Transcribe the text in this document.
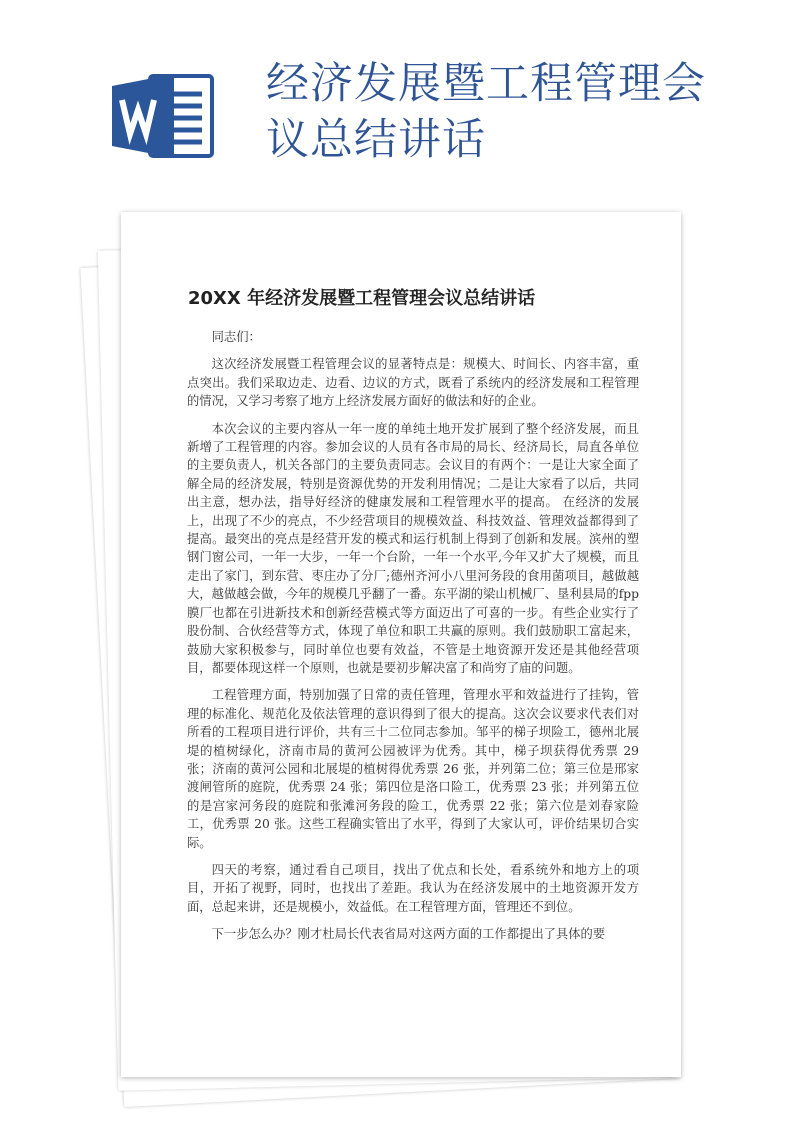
经济发展暨工程管理会议总结讲话
20XX 年经济发展暨工程管理会议总结讲话

同志们：

这次经济发展暨工程管理会议的显著特点是：规模大、时间长、内容丰富，重点突出。我们采取边走、边看、边议的方式，既看了系统内的经济发展和工程管理的情况，又学习考察了地方上经济发展方面好的做法和好的企业。

本次会议的主要内容从一年一度的单纯土地开发扩展到了整个经济发展，而且新增了工程管理的内容。参加会议的人员有各市局的局长、经济局长，局直各单位的主要负责人，机关各部门的主要负责同志。会议目的有两个：一是让大家全面了解全局的经济发展，特别是资源优势的开发利用情况；二是让大家看了以后，共同出主意，想办法，指导好经济的健康发展和工程管理水平的提高。 在经济的发展上，出现了不少的亮点，不少经营项目的规模效益、科技效益、管理效益都得到了提高。最突出的亮点是经营开发的模式和运行机制上得到了创新和发展。滨州的塑钢门窗公司，一年一大步，一年一个台阶，一年一个水平,今年又扩大了规模，而且走出了家门，到东营、枣庄办了分厂;德州齐河小八里河务段的食用菌项目，越做越大，越做越会做，今年的规模几乎翻了一番。东平湖的梁山机械厂、垦利县局的fpp膜厂也都在引进新技术和创新经营模式等方面迈出了可喜的一步。有些企业实行了股份制、合伙经营等方式，体现了单位和职工共赢的原则。我们鼓励职工富起来，鼓励大家积极参与，同时单位也要有效益，不管是土地资源开发还是其他经营项目，都要体现这样一个原则，也就是要初步解决富了和尚穷了庙的问题。

工程管理方面，特别加强了日常的责任管理，管理水平和效益进行了挂钩，管理的标准化、规范化及依法管理的意识得到了很大的提高。这次会议要求代表们对所看的工程项目进行评价，共有三十二位同志参加。邹平的梯子坝险工，德州北展堤的植树绿化，济南市局的黄河公园被评为优秀。其中，梯子坝获得优秀票 29 张；济南的黄河公园和北展堤的植树得优秀票 26 张，并列第二位；第三位是邢家渡闸管所的庭院，优秀票 24 张；第四位是洛口险工，优秀票 23 张；并列第五位的是宫家河务段的庭院和张滩河务段的险工，优秀票 22 张；第六位是刘春家险工，优秀票 20 张。这些工程确实管出了水平，得到了大家认可，评价结果切合实际。

四天的考察，通过看自己项目，找出了优点和长处，看系统外和地方上的项目，开拓了视野，同时，也找出了差距。我认为在经济发展中的土地资源开发方面，总起来讲，还是规模小，效益低。在工程管理方面，管理还不到位。

下一步怎么办？刚才杜局长代表省局对这两方面的工作都提出了具体的要
